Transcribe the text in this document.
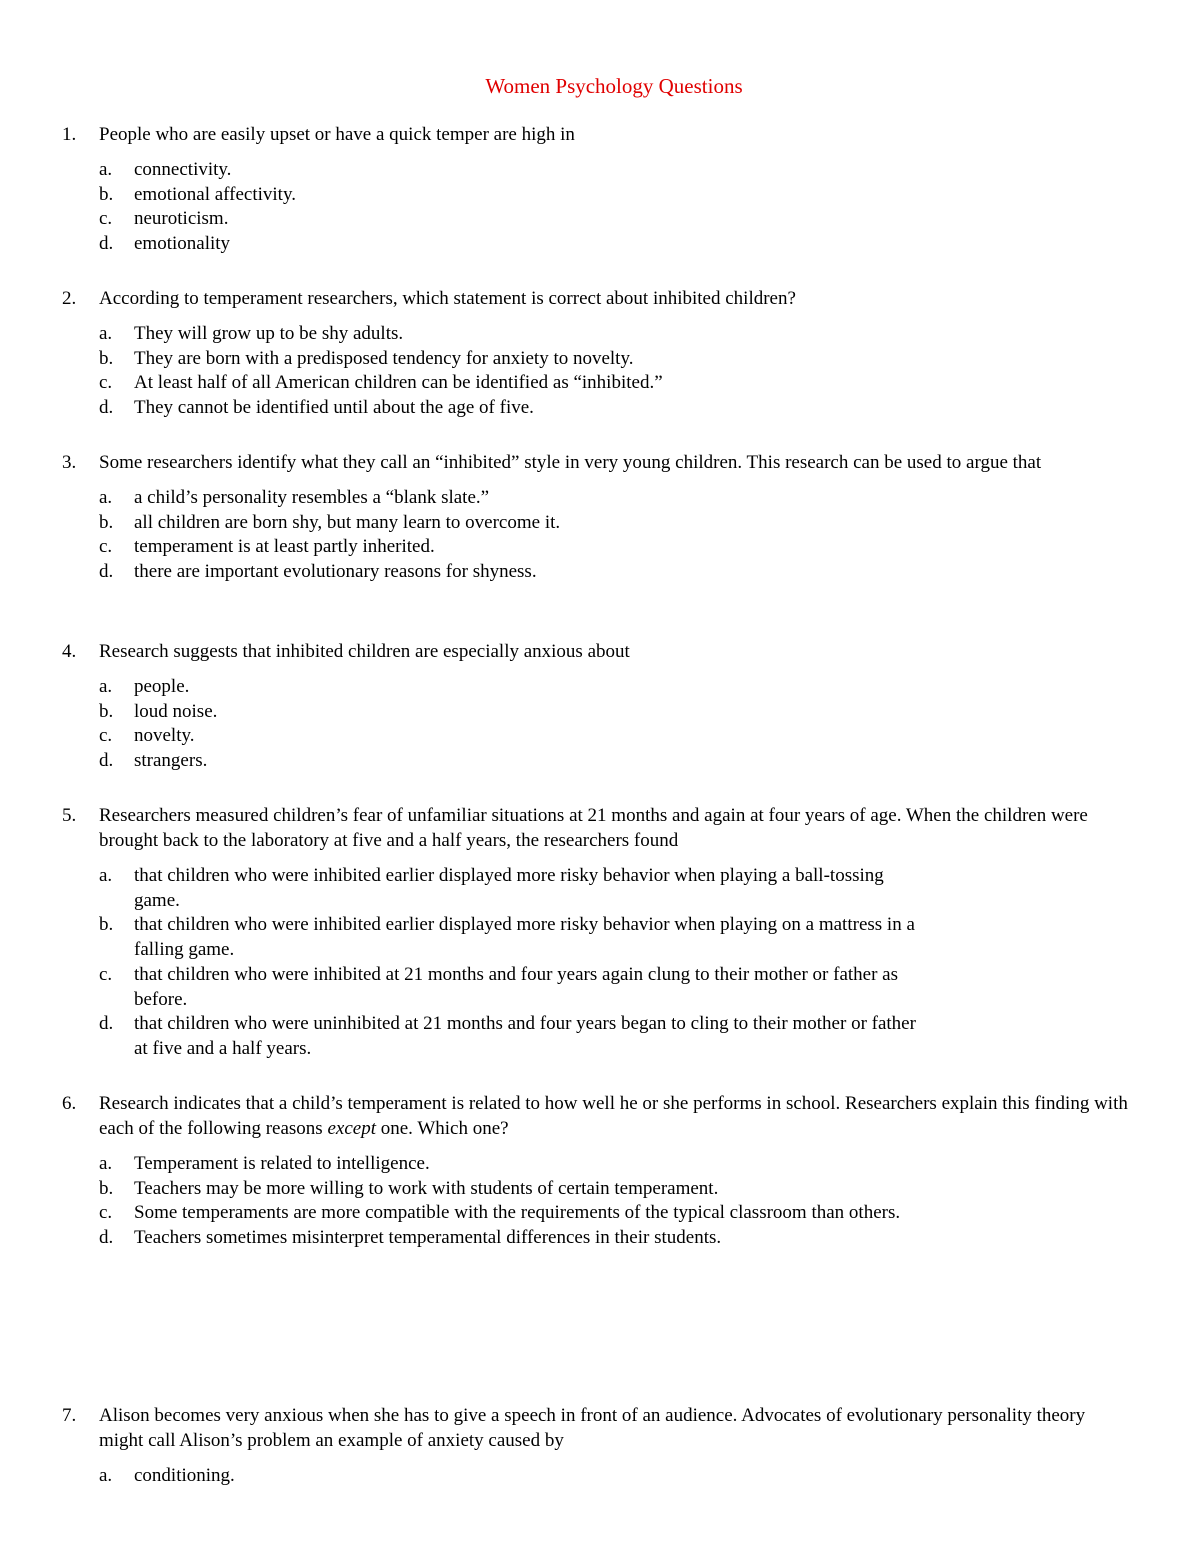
Women Psychology Questions
1. People who are easily upset or have a quick temper are high in
a. connectivity.
b. emotional affectivity.
c. neuroticism.
d. emotionality
2. According to temperament researchers, which statement is correct about inhibited children?
a. They will grow up to be shy adults.
b. They are born with a predisposed tendency for anxiety to novelty.
c. At least half of all American children can be identified as “inhibited.”
d. They cannot be identified until about the age of five.
3. Some researchers identify what they call an “inhibited” style in very young children. This research can be used to argue that
a. a child’s personality resembles a “blank slate.”
b. all children are born shy, but many learn to overcome it.
c. temperament is at least partly inherited.
d. there are important evolutionary reasons for shyness.
4. Research suggests that inhibited children are especially anxious about
a. people.
b. loud noise.
c. novelty.
d. strangers.
5. Researchers measured children’s fear of unfamiliar situations at 21 months and again at four years of age. When the children were brought back to the laboratory at five and a half years, the researchers found
a. that children who were inhibited earlier displayed more risky behavior when playing a ball-tossing game.
b. that children who were inhibited earlier displayed more risky behavior when playing on a mattress in a falling game.
c. that children who were inhibited at 21 months and four years again clung to their mother or father as before.
d. that children who were uninhibited at 21 months and four years began to cling to their mother or father at five and a half years.
6. Research indicates that a child’s temperament is related to how well he or she performs in school. Researchers explain this finding with each of the following reasons except one. Which one?
a. Temperament is related to intelligence.
b. Teachers may be more willing to work with students of certain temperament.
c. Some temperaments are more compatible with the requirements of the typical classroom than others.
d. Teachers sometimes misinterpret temperamental differences in their students.
7. Alison becomes very anxious when she has to give a speech in front of an audience. Advocates of evolutionary personality theory might call Alison’s problem an example of anxiety caused by
a. conditioning.
